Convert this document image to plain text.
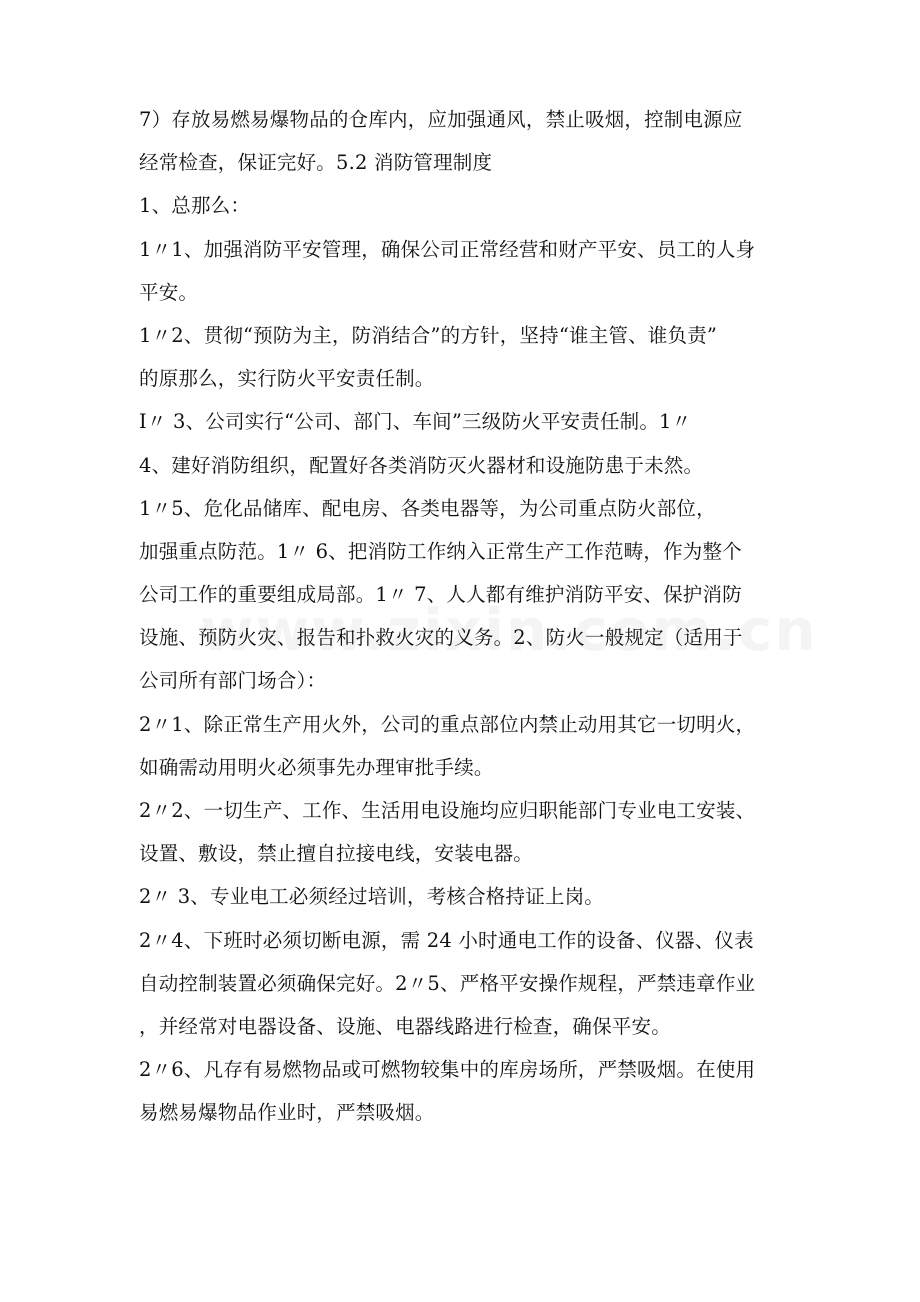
7）存放易燃易爆物品的仓库内，应加强通风，禁止吸烟，控制电源应
经常检查，保证完好。5.2 消防管理制度
1、总那么：
1〃1、加强消防平安管理，确保公司正常经营和财产平安、员工的人身
平安。
1〃2、贯彻“预防为主，防消结合”的方针，坚持“谁主管、谁负责”
的原那么，实行防火平安责任制。
I〃 3、公司实行“公司、部门、车间”三级防火平安责任制。1〃
4、建好消防组织，配置好各类消防灭火器材和设施防患于未然。
1〃5、危化品储库、配电房、各类电器等，为公司重点防火部位，
加强重点防范。1〃 6、把消防工作纳入正常生产工作范畴，作为整个
公司工作的重要组成局部。1〃 7、人人都有维护消防平安、保护消防
设施、预防火灾、报告和扑救火灾的义务。2、防火一般规定（适用于
公司所有部门场合）：
2〃1、除正常生产用火外，公司的重点部位内禁止动用其它一切明火，
如确需动用明火必须事先办理审批手续。
2〃2、一切生产、工作、生活用电设施均应归职能部门专业电工安装、
设置、敷设，禁止擅自拉接电线，安装电器。
2〃 3、专业电工必须经过培训，考核合格持证上岗。
2〃4、下班时必须切断电源，需 24 小时通电工作的设备、仪器、仪表
自动控制装置必须确保完好。2〃5、严格平安操作规程，严禁违章作业
，并经常对电器设备、设施、电器线路进行检查，确保平安。
2〃6、凡存有易燃物品或可燃物较集中的库房场所，严禁吸烟。在使用
易燃易爆物品作业时，严禁吸烟。
